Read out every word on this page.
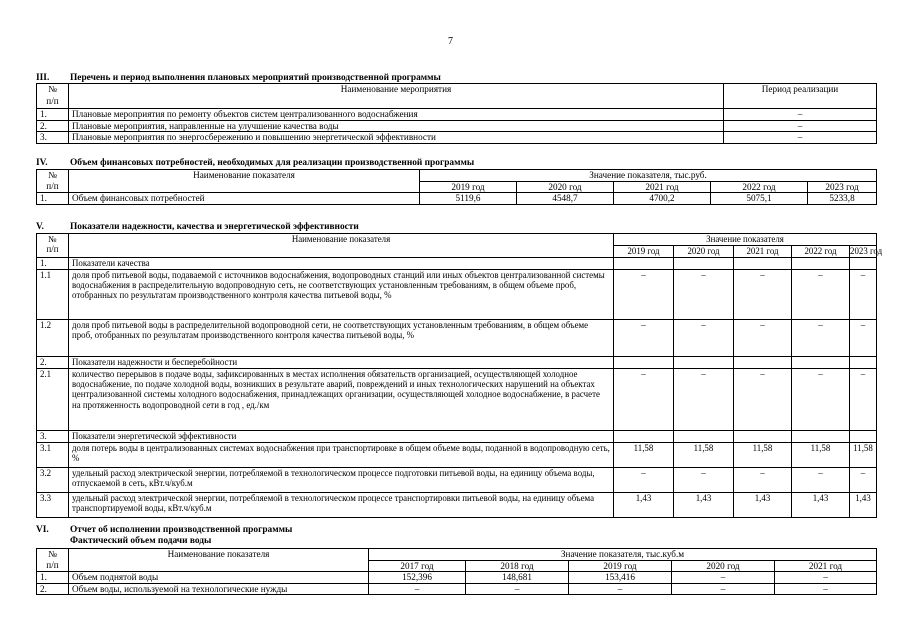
7
III. Перечень и период выполнения плановых мероприятий производственной программы
№
п/п	Наименование мероприятия	Период реализации
1.	Плановые мероприятия по ремонту объектов систем централизованного водоснабжения	–
2.	Плановые мероприятия, направленные на улучшение качества воды	–
3.	Плановые мероприятия по энергосбережению и повышению энергетической эффективности	–
IV. Объем финансовых потребностей, необходимых для реализации производственной программы
№
п/п	Наименование показателя	Значение показателя, тыс.руб.				
		2019 год	2020 год	2021 год	2022 год	2023 год
1.	Объем финансовых потребностей	5119,6	4548,7	4700,2	5075,1	5233,8
V.	Показатели надежности, качества и энергетической эффективности
№
п/п	Наименование показателя	Значение показателя				
		2019 год	2020 год	2021 год	2022 год	2023 год
1.	Показатели качества					
1.1	доля проб питьевой воды, подаваемой с источников водоснабжения, водопроводных станций или иных объектов централизованной системы водоснабжения в распределительную водопроводную сеть, не соответствующих установленным требованиям, в общем объеме проб, отобранных по результатам производственного контроля качества питьевой воды, %	–	–	–	–	–
1.2	доля проб питьевой воды в распределительной водопроводной сети, не соответствующих установленным требованиям, в общем объеме проб, отобранных по результатам производственного контроля качества питьевой воды, %	–	–	–	–	–
2.	Показатели надежности и бесперебойности					
2.1	количество перерывов в подаче воды, зафиксированных в местах исполнения обязательств организацией, осуществляющей холодное водоснабжение, по подаче холодной воды, возникших в результате аварий, повреждений и иных технологических нарушений на объектах централизованной системы холодного водоснабжения, принадлежащих организации, осуществляющей холодное водоснабжение, в расчете на протяженность водопроводной сети в год , ед./км	–	–	–	–	–
3.	Показатели энергетической эффективности					
3.1	доля потерь воды в централизованных системах водоснабжения при транспортировке в общем объеме воды, поданной в водопроводную сеть, %	11,58	11,58	11,58	11,58	11,58
3.2	удельный расход электрической энергии, потребляемой в технологическом процессе подготовки питьевой воды, на единицу объема воды, отпускаемой в сеть, кВт.ч/куб.м	–	–	–	–	–
3.3	удельный расход электрической энергии, потребляемой в технологическом процессе транспортировки питьевой воды, на единицу объема транспортируемой воды, кВт.ч/куб.м	1,43	1,43	1,43	1,43	1,43
VI. Отчет об исполнении производственной программы
Фактический объем подачи воды
№
п/п	Наименование показателя	Значение показателя, тыс.куб.м				
		2017 год	2018 год	2019 год	2020 год	2021 год
1.	Объем поднятой воды	152,396	148,681	153,416	–	–
2.	Объем воды, используемой на технологические нужды	–	–	–	–	–
